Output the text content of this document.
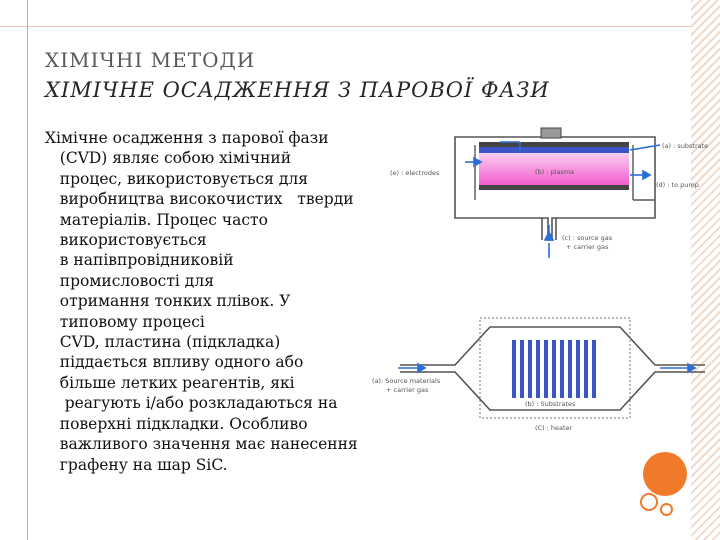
ХІМІЧНІ МЕТОДИ
ХІМІЧНЕ ОСАДЖЕННЯ З ПАРОВОЇ ФАЗИ
Хімічне осадження з парової фази
(CVD) являє собою хімічний
процес, використовується для
виробництва високочистих   тверди
матеріалів. Процес часто
використовується
в напівпровідниковій
промисловості для
отримання тонких плівок. У
типовому процесі
CVD, пластина (підкладка)
піддається впливу одного або
більше летких реагентів, які
реагують і/або розкладаються на
поверхні підкладки. Особливо
важливого значення має нанесення
графену на шар SiC.
(a) : substrate
(e) : electrodes	(b) : plasma
(d) : to pump
(c) : source gas
+ carrier gas
(a): Source materials
+ carrier gas
(b) : Substrates
(C) : heater
